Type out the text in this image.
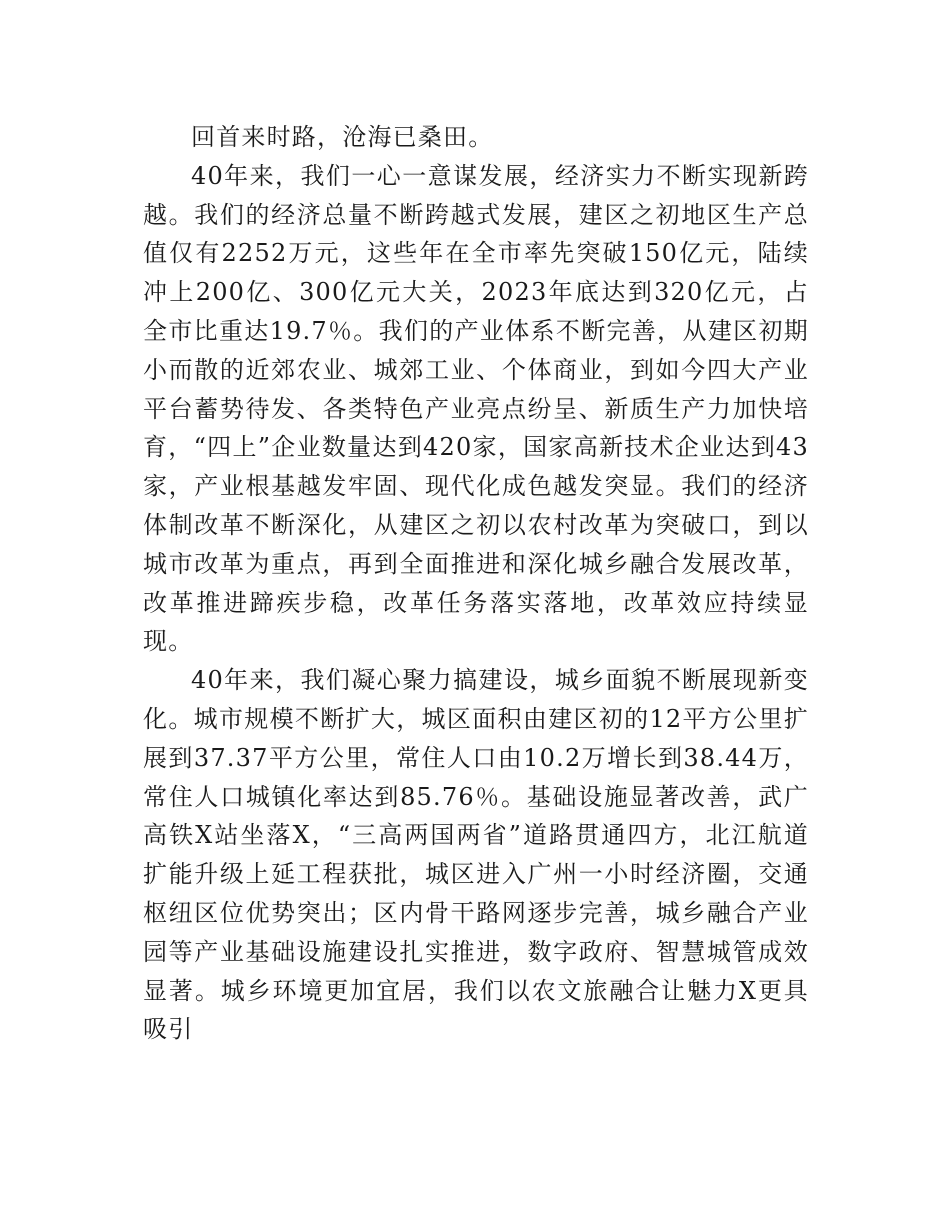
回首来时路，沧海已桑田。

40年来，我们一心一意谋发展，经济实力不断实现新跨越。我们的经济总量不断跨越式发展，建区之初地区生产总值仅有2252万元，这些年在全市率先突破150亿元，陆续冲上200亿、300亿元大关，2023年底达到320亿元，占全市比重达19.7％。我们的产业体系不断完善，从建区初期小而散的近郊农业、城郊工业、个体商业，到如今四大产业平台蓄势待发、各类特色产业亮点纷呈、新质生产力加快培育，“四上”企业数量达到420家，国家高新技术企业达到43家，产业根基越发牢固、现代化成色越发突显。我们的经济体制改革不断深化，从建区之初以农村改革为突破口，到以城市改革为重点，再到全面推进和深化城乡融合发展改革，改革推进蹄疾步稳，改革任务落实落地，改革效应持续显现。

40年来，我们凝心聚力搞建设，城乡面貌不断展现新变化。城市规模不断扩大，城区面积由建区初的12平方公里扩展到37.37平方公里，常住人口由10.2万增长到38.44万，常住人口城镇化率达到85.76％。基础设施显著改善，武广高铁X站坐落X，“三高两国两省”道路贯通四方，北江航道扩能升级上延工程获批，城区进入广州一小时经济圈，交通枢纽区位优势突出；区内骨干路网逐步完善，城乡融合产业园等产业基础设施建设扎实推进，数字政府、智慧城管成效显著。城乡环境更加宜居，我们以农文旅融合让魅力X更具吸引
